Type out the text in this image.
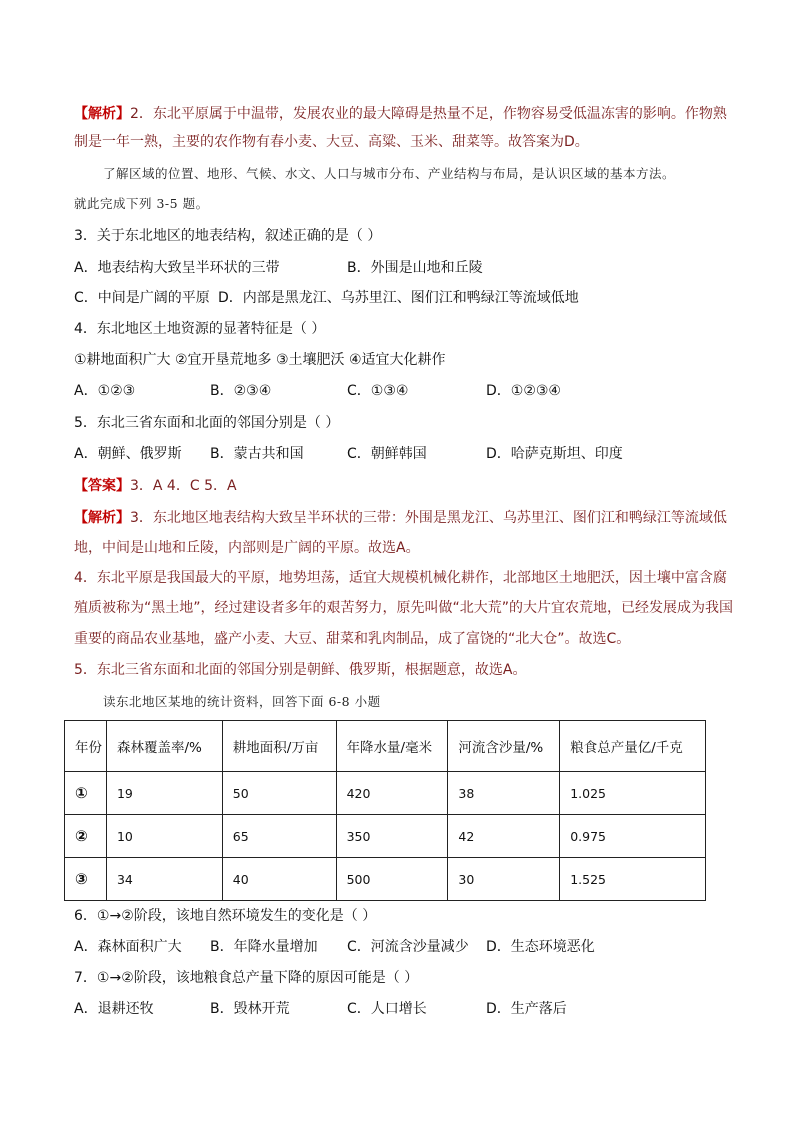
【解析】2．东北平原属于中温带，发展农业的最大障碍是热量不足，作物容易受低温冻害的影响。作物熟
制是一年一熟，主要的农作物有春小麦、大豆、高粱、玉米、甜菜等。故答案为D。
了解区域的位置、地形、气候、水文、人口与城市分布、产业结构与布局，是认识区域的基本方法。
就此完成下列 3-5 题。
3．关于东北地区的地表结构，叙述正确的是（ ）
A．地表结构大致呈半环状的三带	B．外围是山地和丘陵
C．中间是广阔的平原 D．内部是黑龙江、乌苏里江、图们江和鸭绿江等流域低地
4．东北地区土地资源的显著特征是（ ）
①耕地面积广大 ②宜开垦荒地多 ③土壤肥沃 ④适宜大化耕作
A．①②③	B．②③④	C．①③④	D．①②③④
5．东北三省东面和北面的邻国分别是（ ）
A．朝鲜、俄罗斯 B．蒙古共和国	C．朝鲜韩国	D．哈萨克斯坦、印度
【答案】3．A 4．C 5．A
【解析】3．东北地区地表结构大致呈半环状的三带：外围是黑龙江、乌苏里江、图们江和鸭绿江等流域低
地，中间是山地和丘陵，内部则是广阔的平原。故选A。
4．东北平原是我国最大的平原，地势坦荡，适宜大规模机械化耕作，北部地区土地肥沃，因土壤中富含腐
殖质被称为“黑土地”，经过建设者多年的艰苦努力，原先叫做“北大荒”的大片宜农荒地，已经发展成为我国
重要的商品农业基地，盛产小麦、大豆、甜菜和乳肉制品，成了富饶的“北大仓”。故选C。
5．东北三省东面和北面的邻国分别是朝鲜、俄罗斯，根据题意，故选A。
读东北地区某地的统计资料，回答下面 6-8 小题
年份	森林覆盖率/%	耕地面积/万亩	年降水量/毫米	河流含沙量/%	粮食总产量亿/千克
①	19	50	420	38	1.025
②	10	65	350	42	0.975
③	34	40	500	30	1.525
6．①→②阶段，该地自然环境发生的变化是（ ）
A．森林面积广大 B．年降水量增加 C．河流含沙量减少 D．生态环境恶化
7．①→②阶段，该地粮食总产量下降的原因可能是（ ）
A．退耕还牧	B．毁林开荒	C．人口增长	D．生产落后
